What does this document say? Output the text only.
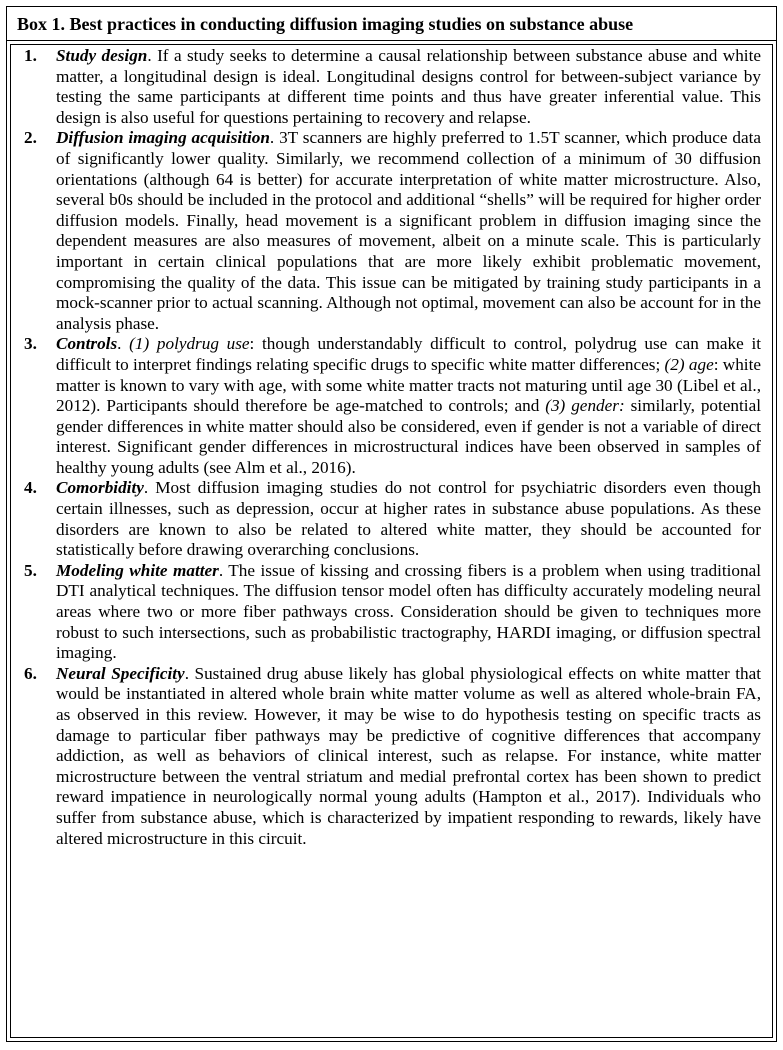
Box 1. Best practices in conducting diffusion imaging studies on substance abuse
1.	Study design. If a study seeks to determine a causal relationship between substance abuse and white matter, a longitudinal design is ideal. Longitudinal designs control for between-subject variance by testing the same participants at different time points and thus have greater inferential value. This design is also useful for questions pertaining to recovery and relapse.
2.	Diffusion imaging acquisition. 3T scanners are highly preferred to 1.5T scanner, which produce data of significantly lower quality. Similarly, we recommend collection of a minimum of 30 diffusion orientations (although 64 is better) for accurate interpretation of white matter microstructure. Also, several b0s should be included in the protocol and additional “shells” will be required for higher order diffusion models. Finally, head movement is a significant problem in diffusion imaging since the dependent measures are also measures of movement, albeit on a minute scale. This is particularly important in certain clinical populations that are more likely exhibit problematic movement, compromising the quality of the data. This issue can be mitigated by training study participants in a mock-scanner prior to actual scanning. Although not optimal, movement can also be account for in the analysis phase.
3.	Controls. (1) polydrug use: though understandably difficult to control, polydrug use can make it difficult to interpret findings relating specific drugs to specific white matter differences; (2) age: white matter is known to vary with age, with some white matter tracts not maturing until age 30 (Libel et al., 2012). Participants should therefore be age-matched to controls; and (3) gender: similarly, potential gender differences in white matter should also be considered, even if gender is not a variable of direct interest. Significant gender differences in microstructural indices have been observed in samples of healthy young adults (see Alm et al., 2016).
4.	Comorbidity. Most diffusion imaging studies do not control for psychiatric disorders even though certain illnesses, such as depression, occur at higher rates in substance abuse populations. As these disorders are known to also be related to altered white matter, they should be accounted for statistically before drawing overarching conclusions.
5.	Modeling white matter. The issue of kissing and crossing fibers is a problem when using traditional DTI analytical techniques. The diffusion tensor model often has difficulty accurately modeling neural areas where two or more fiber pathways cross. Consideration should be given to techniques more robust to such intersections, such as probabilistic tractography, HARDI imaging, or diffusion spectral imaging.
6.	Neural Specificity. Sustained drug abuse likely has global physiological effects on white matter that would be instantiated in altered whole brain white matter volume as well as altered whole-brain FA, as observed in this review. However, it may be wise to do hypothesis testing on specific tracts as damage to particular fiber pathways may be predictive of cognitive differences that accompany addiction, as well as behaviors of clinical interest, such as relapse. For instance, white matter microstructure between the ventral striatum and medial prefrontal cortex has been shown to predict reward impatience in neurologically normal young adults (Hampton et al., 2017). Individuals who suffer from substance abuse, which is characterized by impatient responding to rewards, likely have altered microstructure in this circuit.
